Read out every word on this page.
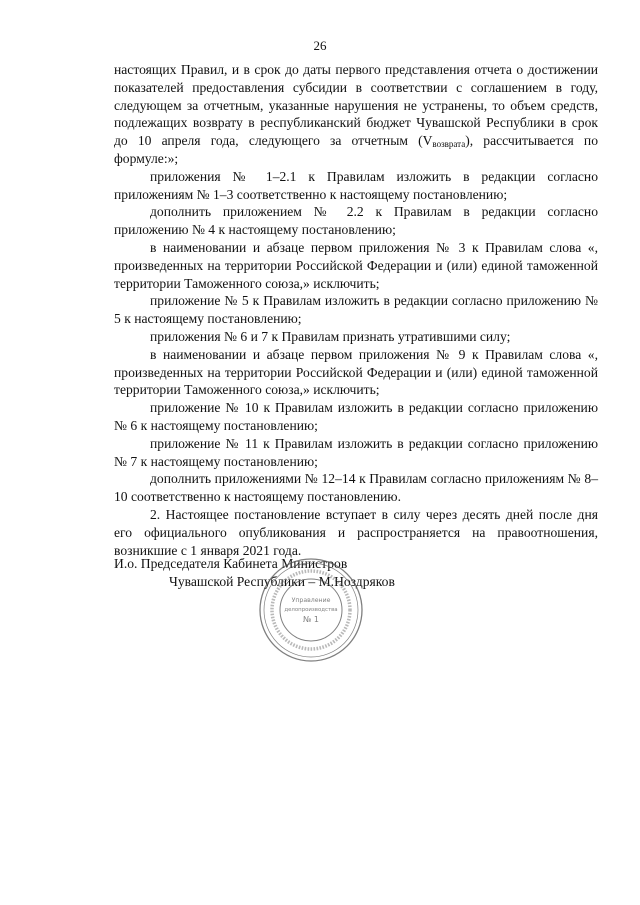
26

настоящих Правил, и в срок до даты первого представления отчета о достижении показателей предоставления субсидии в соответствии с соглашением в году, следующем за отчетным, указанные нарушения не устранены, то объем средств, подлежащих возврату в республиканский бюджет Чувашской Республики в срок до 10 апреля года, следующего за отчетным $(V_{возврата})$, рассчитывается по формуле:»;

приложения № 1–2.1 к Правилам изложить в редакции согласно приложениям № 1–3 соответственно к настоящему постановлению;

дополнить приложением № 2.2 к Правилам в редакции согласно приложению № 4 к настоящему постановлению;

в наименовании и абзаце первом приложения № 3 к Правилам слова «, произведенных на территории Российской Федерации и (или) единой таможенной территории Таможенного союза,» исключить;

приложение № 5 к Правилам изложить в редакции согласно приложению № 5 к настоящему постановлению;

приложения № 6 и 7 к Правилам признать утратившими силу;

в наименовании и абзаце первом приложения № 9 к Правилам слова «, произведенных на территории Российской Федерации и (или) единой таможенной территории Таможенного союза,» исключить;

приложение № 10 к Правилам изложить в редакции согласно приложению № 6 к настоящему постановлению;

приложение № 11 к Правилам изложить в редакции согласно приложению № 7 к настоящему постановлению;

дополнить приложениями № 12–14 к Правилам согласно приложениям № 8–10 соответственно к настоящему постановлению.

2. Настоящее постановление вступает в силу через десять дней после дня его официального опубликования и распространяется на правоотношения, возникшие с 1 января 2021 года.

И.о. Председателя Кабинета Министров
Чувашской Республики – М.Ноздряков
Управление
делопроизводства
№ 1
